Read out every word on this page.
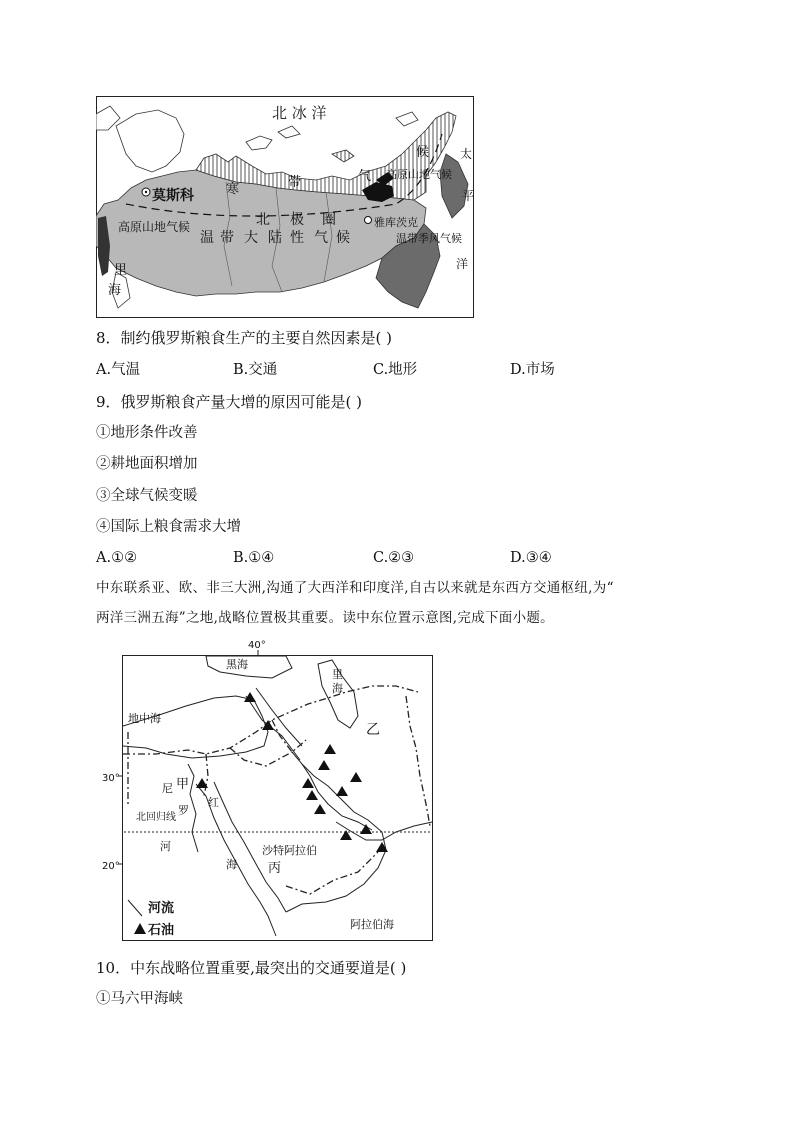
北 冰 洋
莫斯科
雅库茨克
高原山地气候
高原山地气候
温带季风气候
温 带 大 陆 性 气 候
北 极 圈
寒	带	气
候	太
平
洋
里
海
8．制约俄罗斯粮食生产的主要自然因素是( )
A.气温	B.交通	C.地形	D.市场
9．俄罗斯粮食产量大增的原因可能是( )
①地形条件改善
②耕地面积增加
③全球气候变暖
④国际上粮食需求大增
A.①②	B.①④	C.②③	D.③④
中东联系亚、欧、非三大洲,沟通了大西洋和印度洋,自古以来就是东西方交通枢纽,为“
两洋三洲五海”之地,战略位置极其重要。读中东位置示意图,完成下面小题。
40°
30°
20°
黑海
里
海
地中海
乙
甲
尼
罗
河
红
海
北回归线
沙特阿拉伯
丙
阿拉伯海
河流
石油
10．中东战略位置重要,最突出的交通要道是( )
①马六甲海峡
